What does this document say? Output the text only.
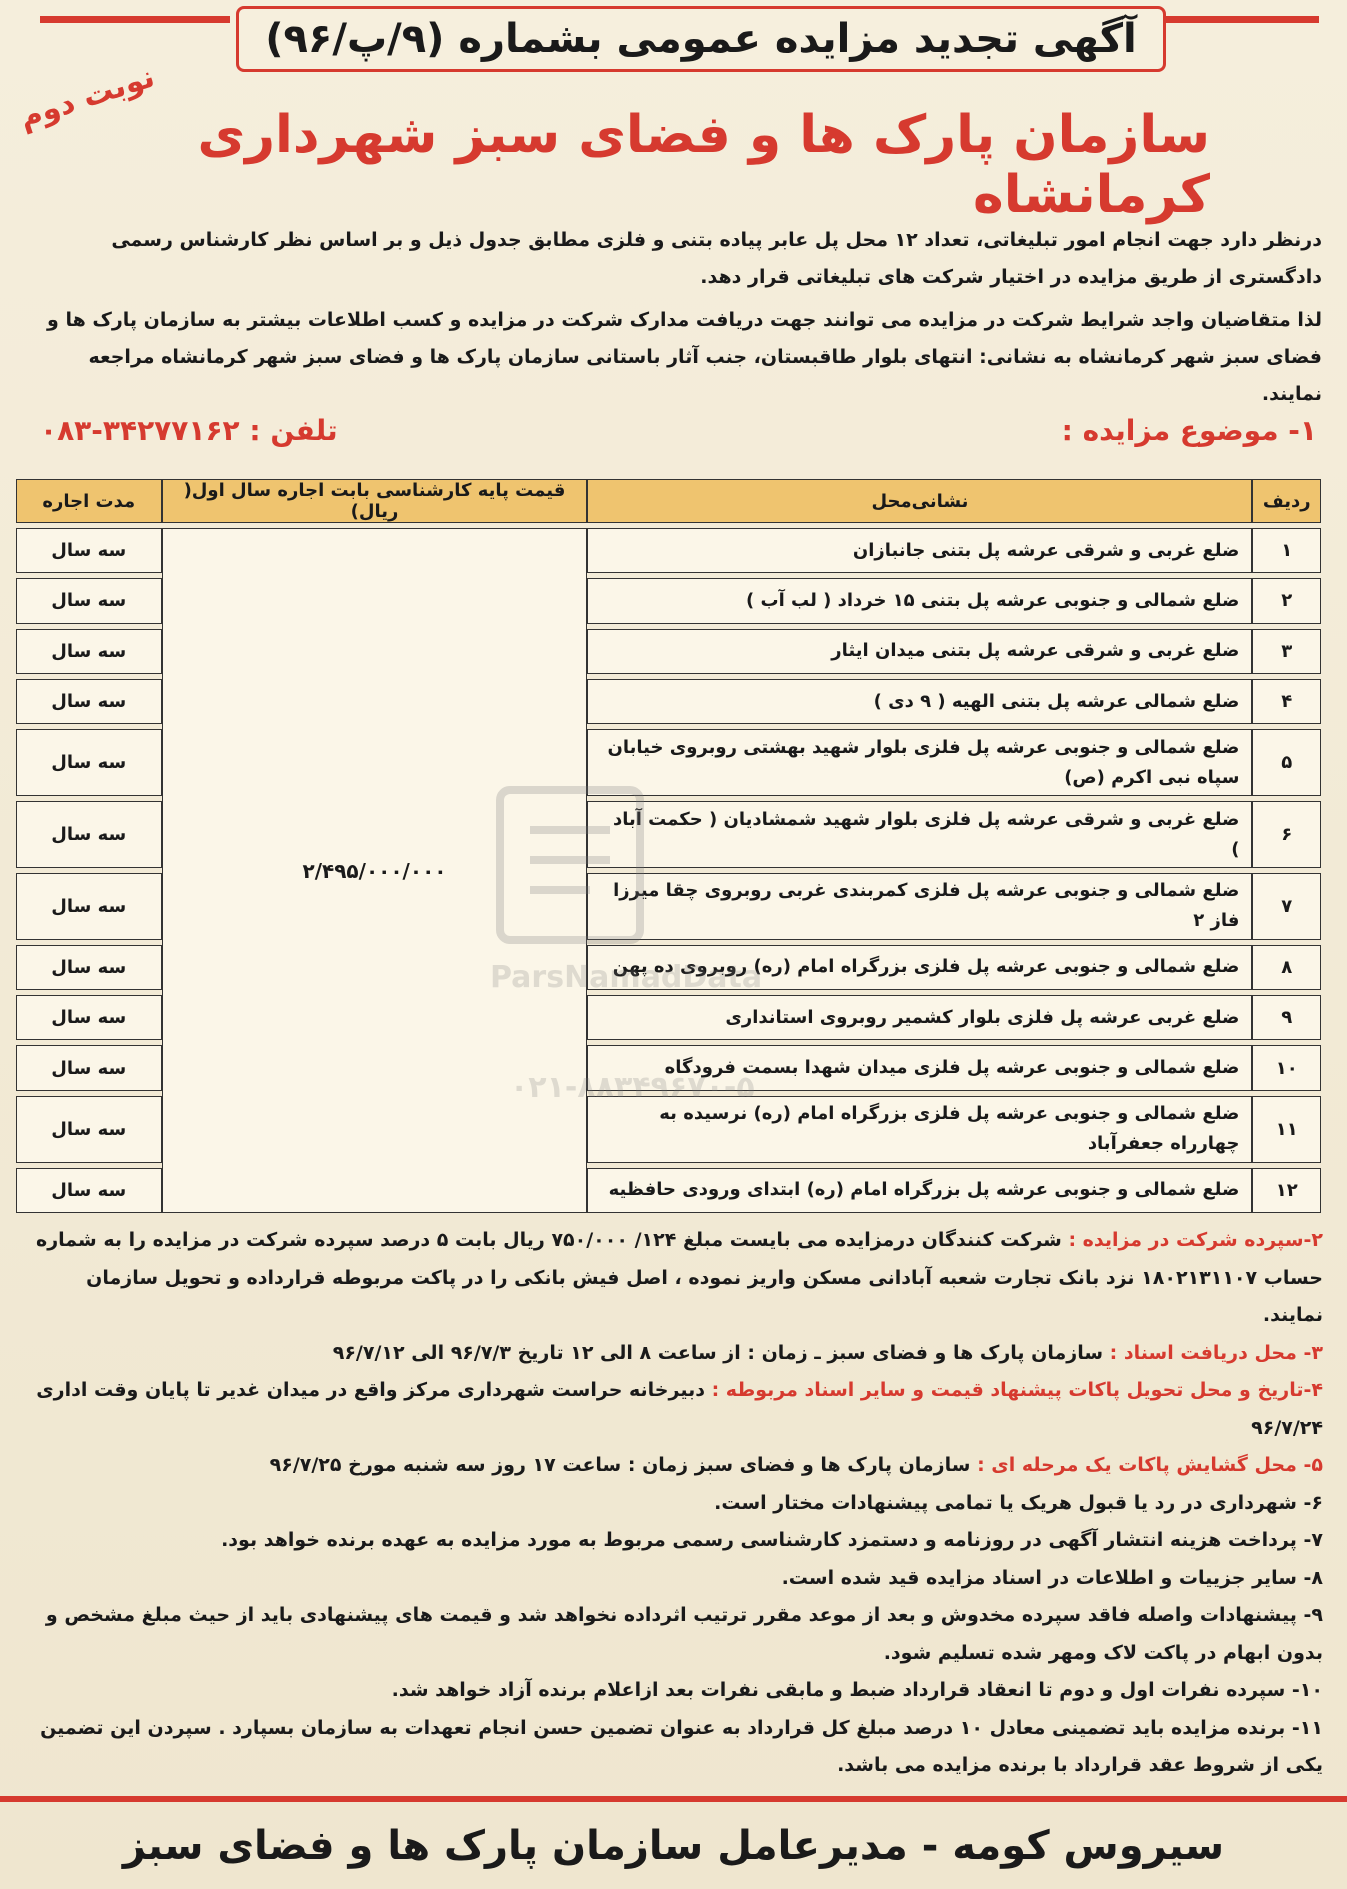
آگهی تجدید مزایده عمومی بشماره (۹/پ/۹۶)
نوبت دوم سازمان پارک ها و فضای سبز شهرداری کرمانشاه
درنظر دارد جهت انجام امور تبلیغاتی، تعداد ۱۲ محل پل عابر پیاده بتنی و فلزی مطابق جدول ذیل و بر اساس نظر کارشناس رسمی دادگستری از طریق مزایده در اختیار شرکت های تبلیغاتی قرار دهد.
لذا متقاضیان واجد شرایط شرکت در مزایده می توانند جهت دریافت مدارک شرکت در مزایده و کسب اطلاعات بیشتر به سازمان پارک ها و فضای سبز شهر کرمانشاه به نشانی: انتهای بلوار طاقبستان، جنب آثار باستانی سازمان پارک ها و فضای سبز شهر کرمانشاه مراجعه نمایند.
۱- موضوع مزایده :
تلفن : ۳۴۲۷۷۱۶۲-۰۸۳
ردیف	نشانی‌محل	قیمت پایه کارشناسی بابت اجاره سال اول( ریال)	مدت اجاره
۱	ضلع غربی و شرقی عرشه پل بتنی جانبازان	۲/۴۹۵/۰۰۰/۰۰۰	سه سال
۲	ضلع شمالی و جنوبی عرشه پل بتنی ۱۵ خرداد ( لب آب )		سه سال
۳	ضلع غربی و شرقی عرشه پل بتنی میدان ایثار		سه سال
۴	ضلع شمالی عرشه پل بتنی الهیه ( ۹ دی )		سه سال
۵	ضلع شمالی و جنوبی عرشه پل فلزی بلوار شهید بهشتی روبروی خیابان سپاه نبی اکرم (ص)		سه سال
۶	ضلع غربی و شرقی عرشه پل فلزی بلوار شهید شمشادیان ( حکمت آباد )		سه سال
۷	ضلع شمالی و جنوبی عرشه پل فلزی کمربندی غربی روبروی چقا میرزا فاز ۲		سه سال
۸	ضلع شمالی و جنوبی عرشه پل فلزی بزرگراه امام (ره) روبروی ده پهن		سه سال
۹	ضلع غربی عرشه پل فلزی بلوار کشمیر روبروی استانداری		سه سال
۱۰	ضلع شمالی و جنوبی عرشه پل فلزی میدان شهدا بسمت فرودگاه		سه سال
۱۱	ضلع شمالی و جنوبی عرشه پل فلزی بزرگراه امام (ره) نرسیده به چهارراه جعفرآباد		سه سال
۱۲	ضلع شمالی و جنوبی عرشه پل بزرگراه امام (ره) ابتدای ورودی حافظیه		سه سال
ParsNamadData
۰۲۱-۸۸۳۴۹۶۷۰-۵
۲-سپرده شرکت در مزایده : شرکت کنندگان درمزایده می بایست مبلغ ۱۲۴/ ۷۵۰/۰۰۰ ریال بابت ۵ درصد سپرده شرکت در مزایده را به شماره حساب ۱۸۰۲۱۳۱۱۰۷ نزد بانک تجارت شعبه آبادانی مسکن واریز نموده ، اصل فیش بانکی را در پاکت مربوطه قرارداده و تحویل سازمان نمایند.
۳- محل دریافت اسناد : سازمان پارک ها و فضای سبز ـ زمان : از ساعت ۸ الی ۱۲ تاریخ ۹۶/۷/۳ الی ۹۶/۷/۱۲
۴-تاریخ و محل تحویل پاکات پیشنهاد قیمت و سایر اسناد مربوطه : دبیرخانه حراست شهرداری مرکز واقع در میدان غدیر تا پایان وقت اداری ۹۶/۷/۲۴
۵- محل گشایش پاکات یک مرحله ای : سازمان پارک ها و فضای سبز زمان : ساعت ۱۷ روز سه شنبه مورخ ۹۶/۷/۲۵
۶- شهرداری در رد یا قبول هریک یا تمامی پیشنهادات مختار است.
۷- پرداخت هزینه انتشار آگهی در روزنامه و دستمزد کارشناسی رسمی مربوط به مورد مزایده به عهده برنده خواهد بود.
۸- سایر جزییات و اطلاعات در اسناد مزایده قید شده است.
۹- پیشنهادات واصله فاقد سپرده مخدوش و بعد از موعد مقرر ترتیب اثرداده نخواهد شد و قیمت های پیشنهادی باید از حیث مبلغ مشخص و بدون ابهام در پاکت لاک ومهر شده تسلیم شود.
۱۰- سپرده نفرات اول و دوم تا انعقاد قرارداد ضبط و مابقی نفرات بعد ازاعلام برنده آزاد خواهد شد.
۱۱- برنده مزایده باید تضمینی معادل ۱۰ درصد مبلغ کل قرارداد به عنوان تضمین حسن انجام تعهدات به سازمان بسپارد . سپردن این تضمین یکی از شروط عقد قرارداد با برنده مزایده می باشد.
سیروس کومه - مدیرعامل سازمان پارک ها و فضای سبز
